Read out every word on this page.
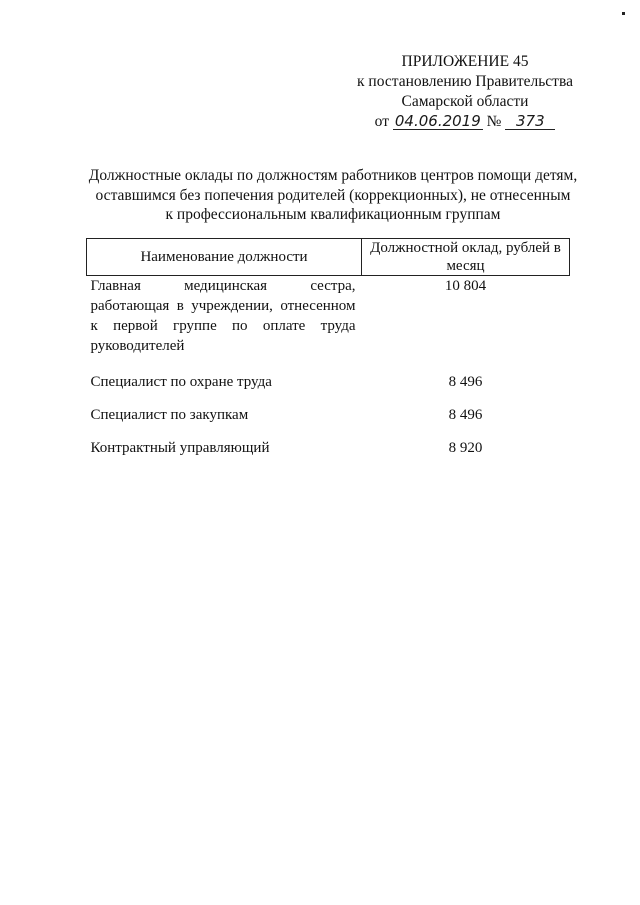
ПРИЛОЖЕНИЕ 45
к постановлению Правительства
Самарской области
от 04.06.2019 № 373
Должностные оклады по должностям работников центров помощи детям,
оставшимся без попечения родителей (коррекционных), не отнесенным
к профессиональным квалификационным группам
Наименование должности	Должностной оклад, рублей в месяц
Главная медицинская сестра, работающая в учреждении, отнесенном к первой группе по оплате труда руководителей	10 804
Специалист по охране труда	8 496
Специалист по закупкам	8 496
Контрактный управляющий	8 920
